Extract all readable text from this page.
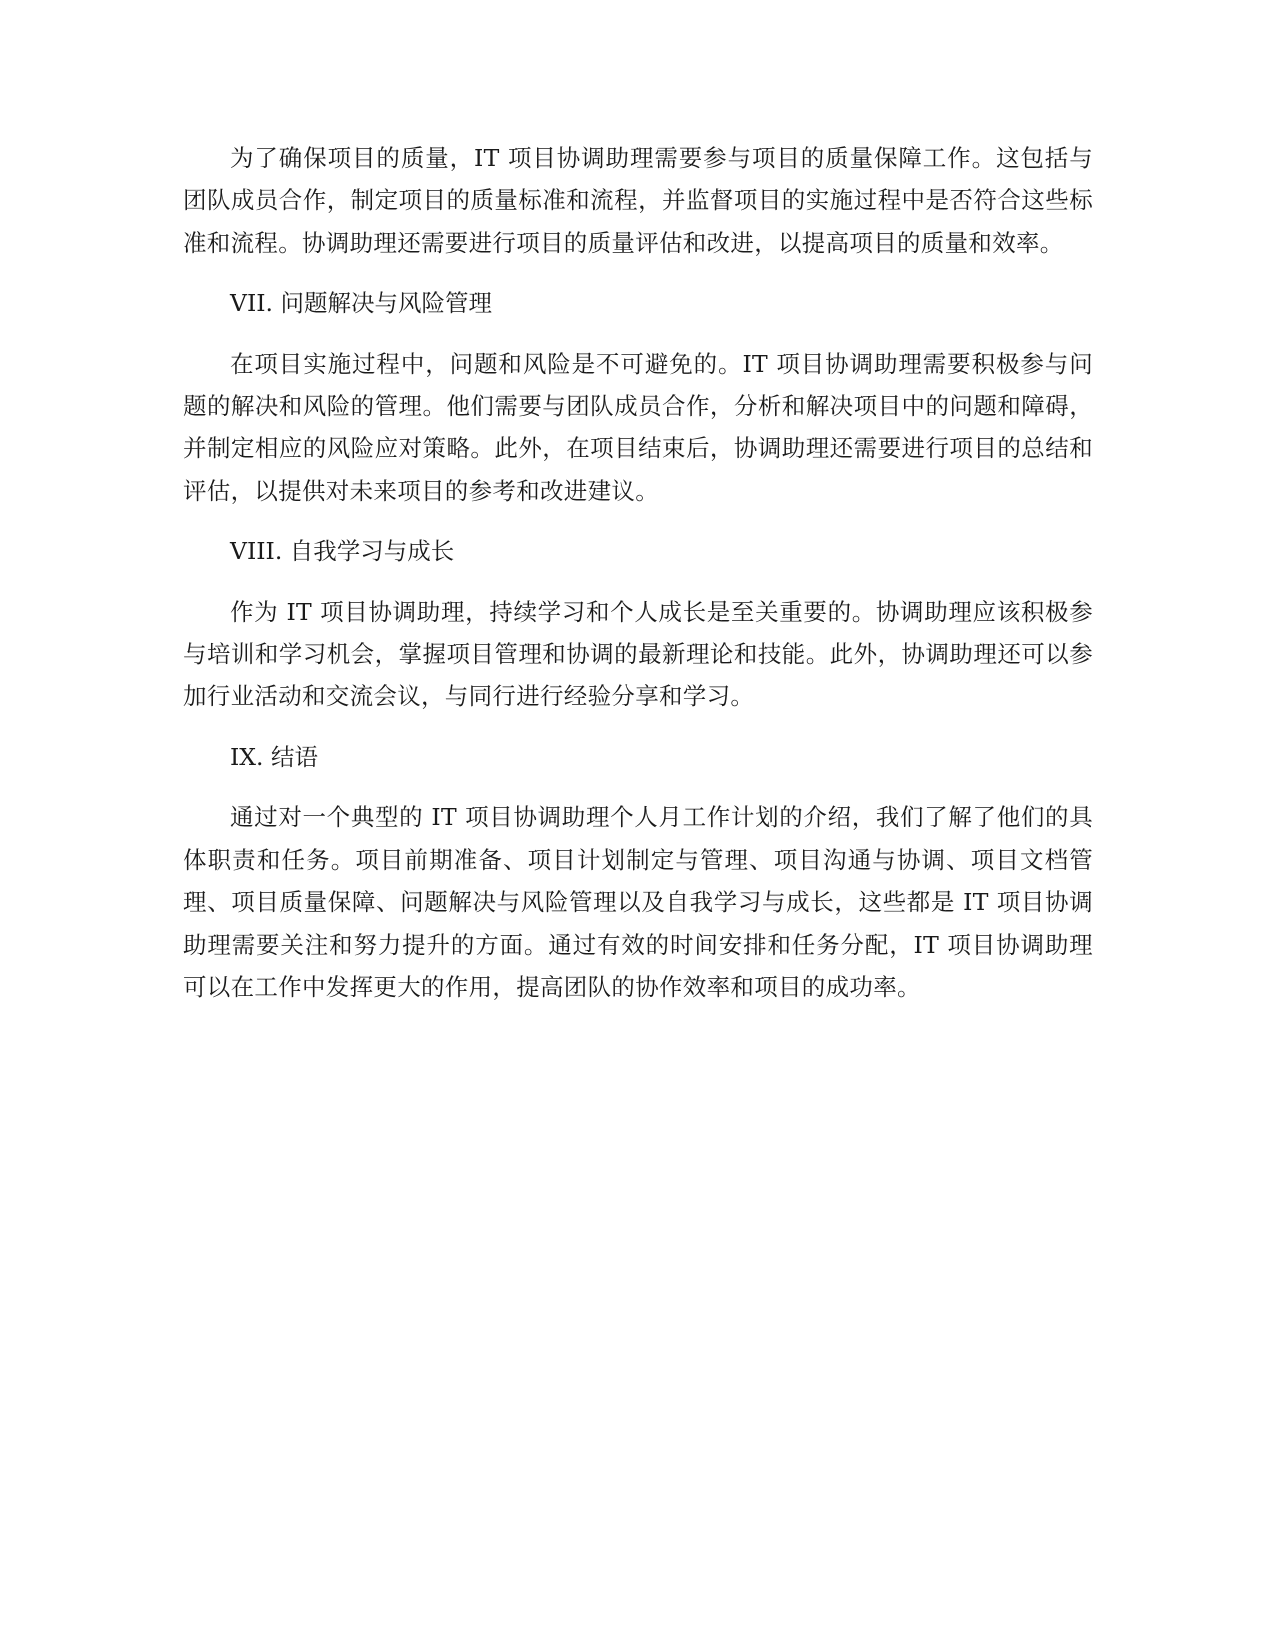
为了确保项目的质量，IT 项目协调助理需要参与项目的质量保障工作。这包括与团队成员合作，制定项目的质量标准和流程，并监督项目的实施过程中是否符合这些标准和流程。协调助理还需要进行项目的质量评估和改进，以提高项目的质量和效率。

VII. 问题解决与风险管理

在项目实施过程中，问题和风险是不可避免的。IT 项目协调助理需要积极参与问题的解决和风险的管理。他们需要与团队成员合作，分析和解决项目中的问题和障碍，并制定相应的风险应对策略。此外，在项目结束后，协调助理还需要进行项目的总结和评估，以提供对未来项目的参考和改进建议。

VIII. 自我学习与成长

作为 IT 项目协调助理，持续学习和个人成长是至关重要的。协调助理应该积极参与培训和学习机会，掌握项目管理和协调的最新理论和技能。此外，协调助理还可以参加行业活动和交流会议，与同行进行经验分享和学习。

IX. 结语

通过对一个典型的 IT 项目协调助理个人月工作计划的介绍，我们了解了他们的具体职责和任务。项目前期准备、项目计划制定与管理、项目沟通与协调、项目文档管理、项目质量保障、问题解决与风险管理以及自我学习与成长，这些都是 IT 项目协调助理需要关注和努力提升的方面。通过有效的时间安排和任务分配，IT 项目协调助理可以在工作中发挥更大的作用，提高团队的协作效率和项目的成功率。
